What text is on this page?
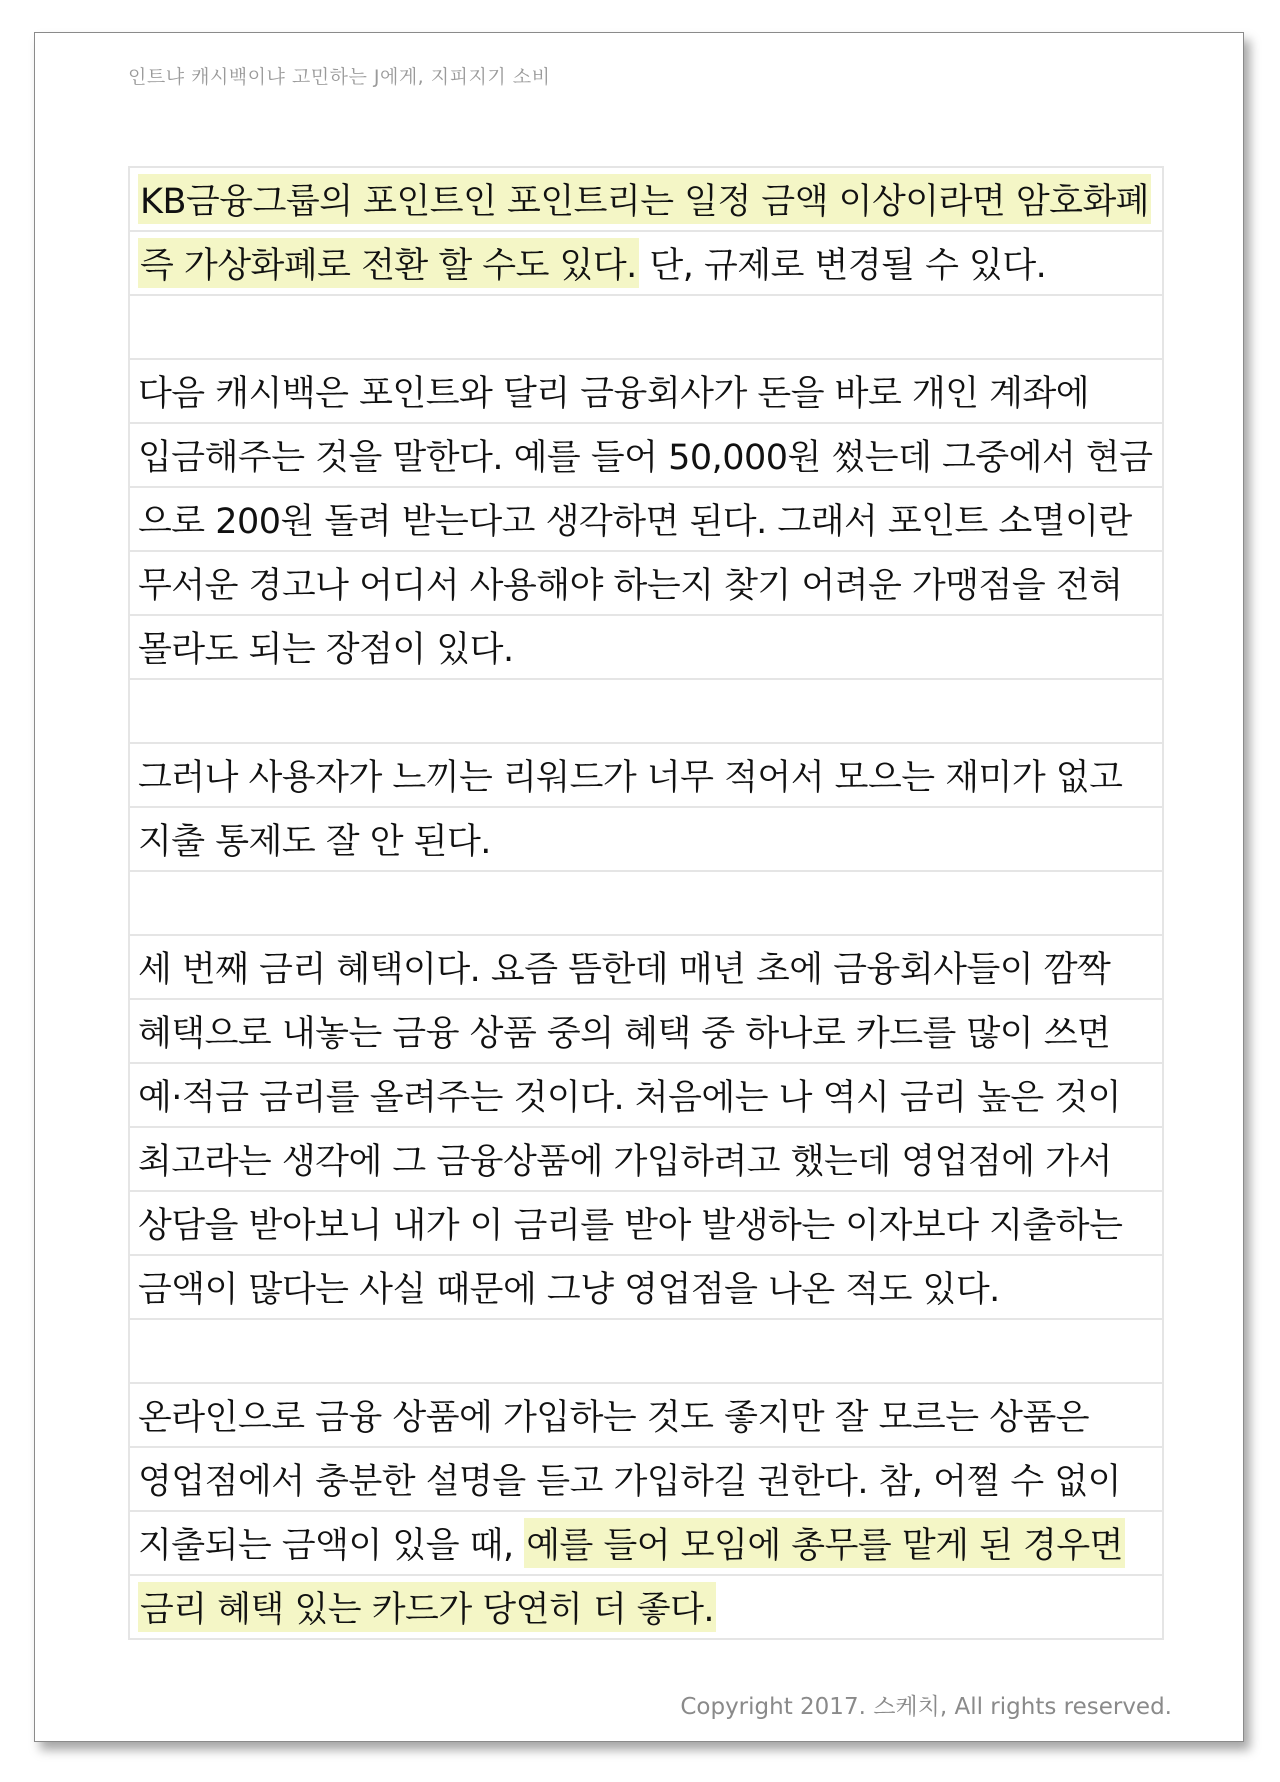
인트냐 캐시백이냐 고민하는 J에게, 지피지기 소비
KB금융그룹의 포인트인 포인트리는 일정 금액 이상이라면 암호화폐
즉 가상화폐로 전환 할 수도 있다. 단, 규제로 변경될 수 있다.
다음 캐시백은 포인트와 달리 금융회사가 돈을 바로 개인 계좌에
입금해주는 것을 말한다. 예를 들어 50,000원 썼는데 그중에서 현금
으로 200원 돌려 받는다고 생각하면 된다. 그래서 포인트 소멸이란
무서운 경고나 어디서 사용해야 하는지 찾기 어려운 가맹점을 전혀
몰라도 되는 장점이 있다.
그러나 사용자가 느끼는 리워드가 너무 적어서 모으는 재미가 없고
지출 통제도 잘 안 된다.
세 번째 금리 혜택이다. 요즘 뜸한데 매년 초에 금융회사들이 깜짝
혜택으로 내놓는 금융 상품 중의 혜택 중 하나로 카드를 많이 쓰면
예·적금 금리를 올려주는 것이다. 처음에는 나 역시 금리 높은 것이
최고라는 생각에 그 금융상품에 가입하려고 했는데 영업점에 가서
상담을 받아보니 내가 이 금리를 받아 발생하는 이자보다 지출하는
금액이 많다는 사실 때문에 그냥 영업점을 나온 적도 있다.
온라인으로 금융 상품에 가입하는 것도 좋지만 잘 모르는 상품은
영업점에서 충분한 설명을 듣고 가입하길 권한다. 참, 어쩔 수 없이
지출되는 금액이 있을 때, 예를 들어 모임에 총무를 맡게 된 경우면
금리 혜택 있는 카드가 당연히 더 좋다.
Copyright 2017. 스케치, All rights reserved.
